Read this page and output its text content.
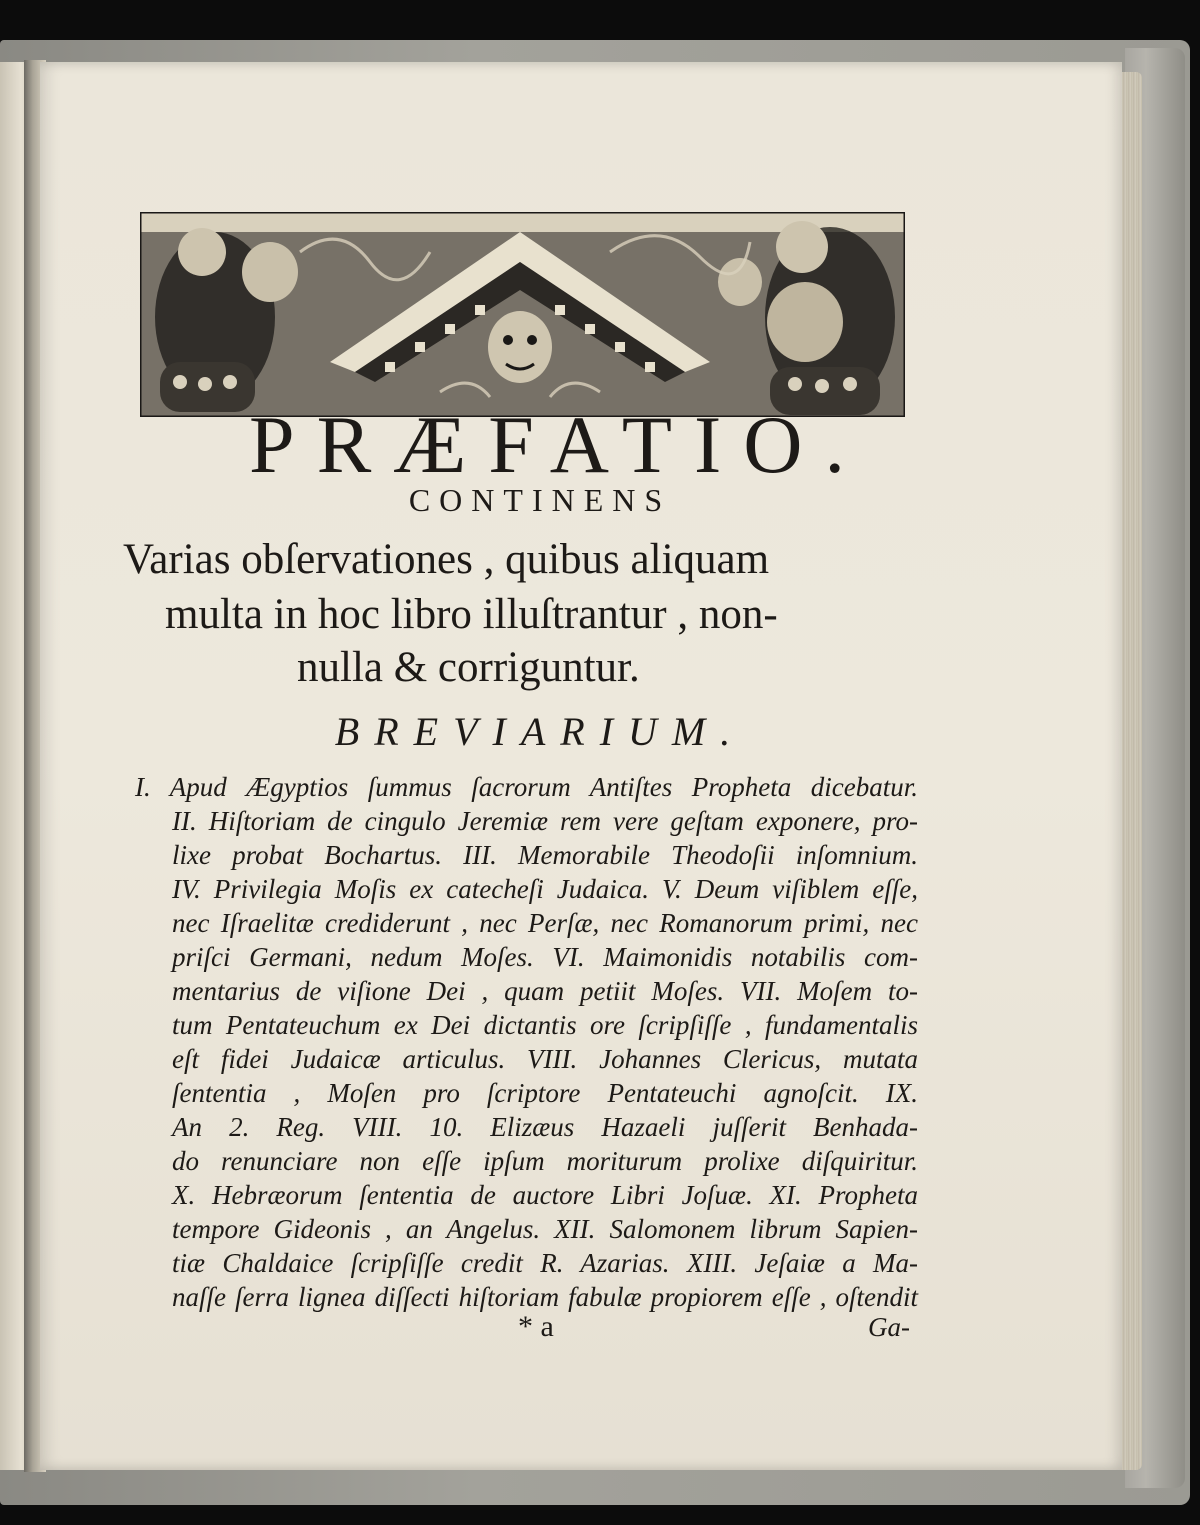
PRÆFATIO.
CONTINENS
Varias obſervationes , quibus aliquam
multa in hoc libro illuſtrantur , non-
nulla & corriguntur.
BREVIARIUM.
I. Apud Ægyptios ſummus ſacrorum Antiſtes Propheta dicebatur.
II. Hiſtoriam de cingulo Jeremiæ rem vere geſtam exponere, pro-
lixe probat Bochartus. III. Memorabile Theodoſii inſomnium.
IV. Privilegia Moſis ex catecheſi Judaica. V. Deum viſiblem eſſe,
nec Iſraelitæ crediderunt , nec Perſæ, nec Romanorum primi, nec
priſci Germani, nedum Moſes. VI. Maimonidis notabilis com-
mentarius de viſione Dei , quam petiit Moſes. VII. Moſem to-
tum Pentateuchum ex Dei dictantis ore ſcripſiſſe , fundamentalis
eſt fidei Judaicæ articulus. VIII. Johannes Clericus, mutata
ſententia , Moſen pro ſcriptore Pentateuchi agnoſcit. IX.
An 2. Reg. VIII. 10. Elizæus Hazaeli juſſerit Benhada-
do renunciare non eſſe ipſum moriturum prolixe diſquiritur.
X. Hebræorum ſententia de auctore Libri Joſuæ. XI. Propheta
tempore Gideonis , an Angelus. XII. Salomonem librum Sapien-
tiæ Chaldaice ſcripſiſſe credit R. Azarias. XIII. Jeſaiæ a Ma-
naſſe ſerra lignea diſſecti hiſtoriam fabulæ propiorem eſſe , oſtendit
* a	Ga-
